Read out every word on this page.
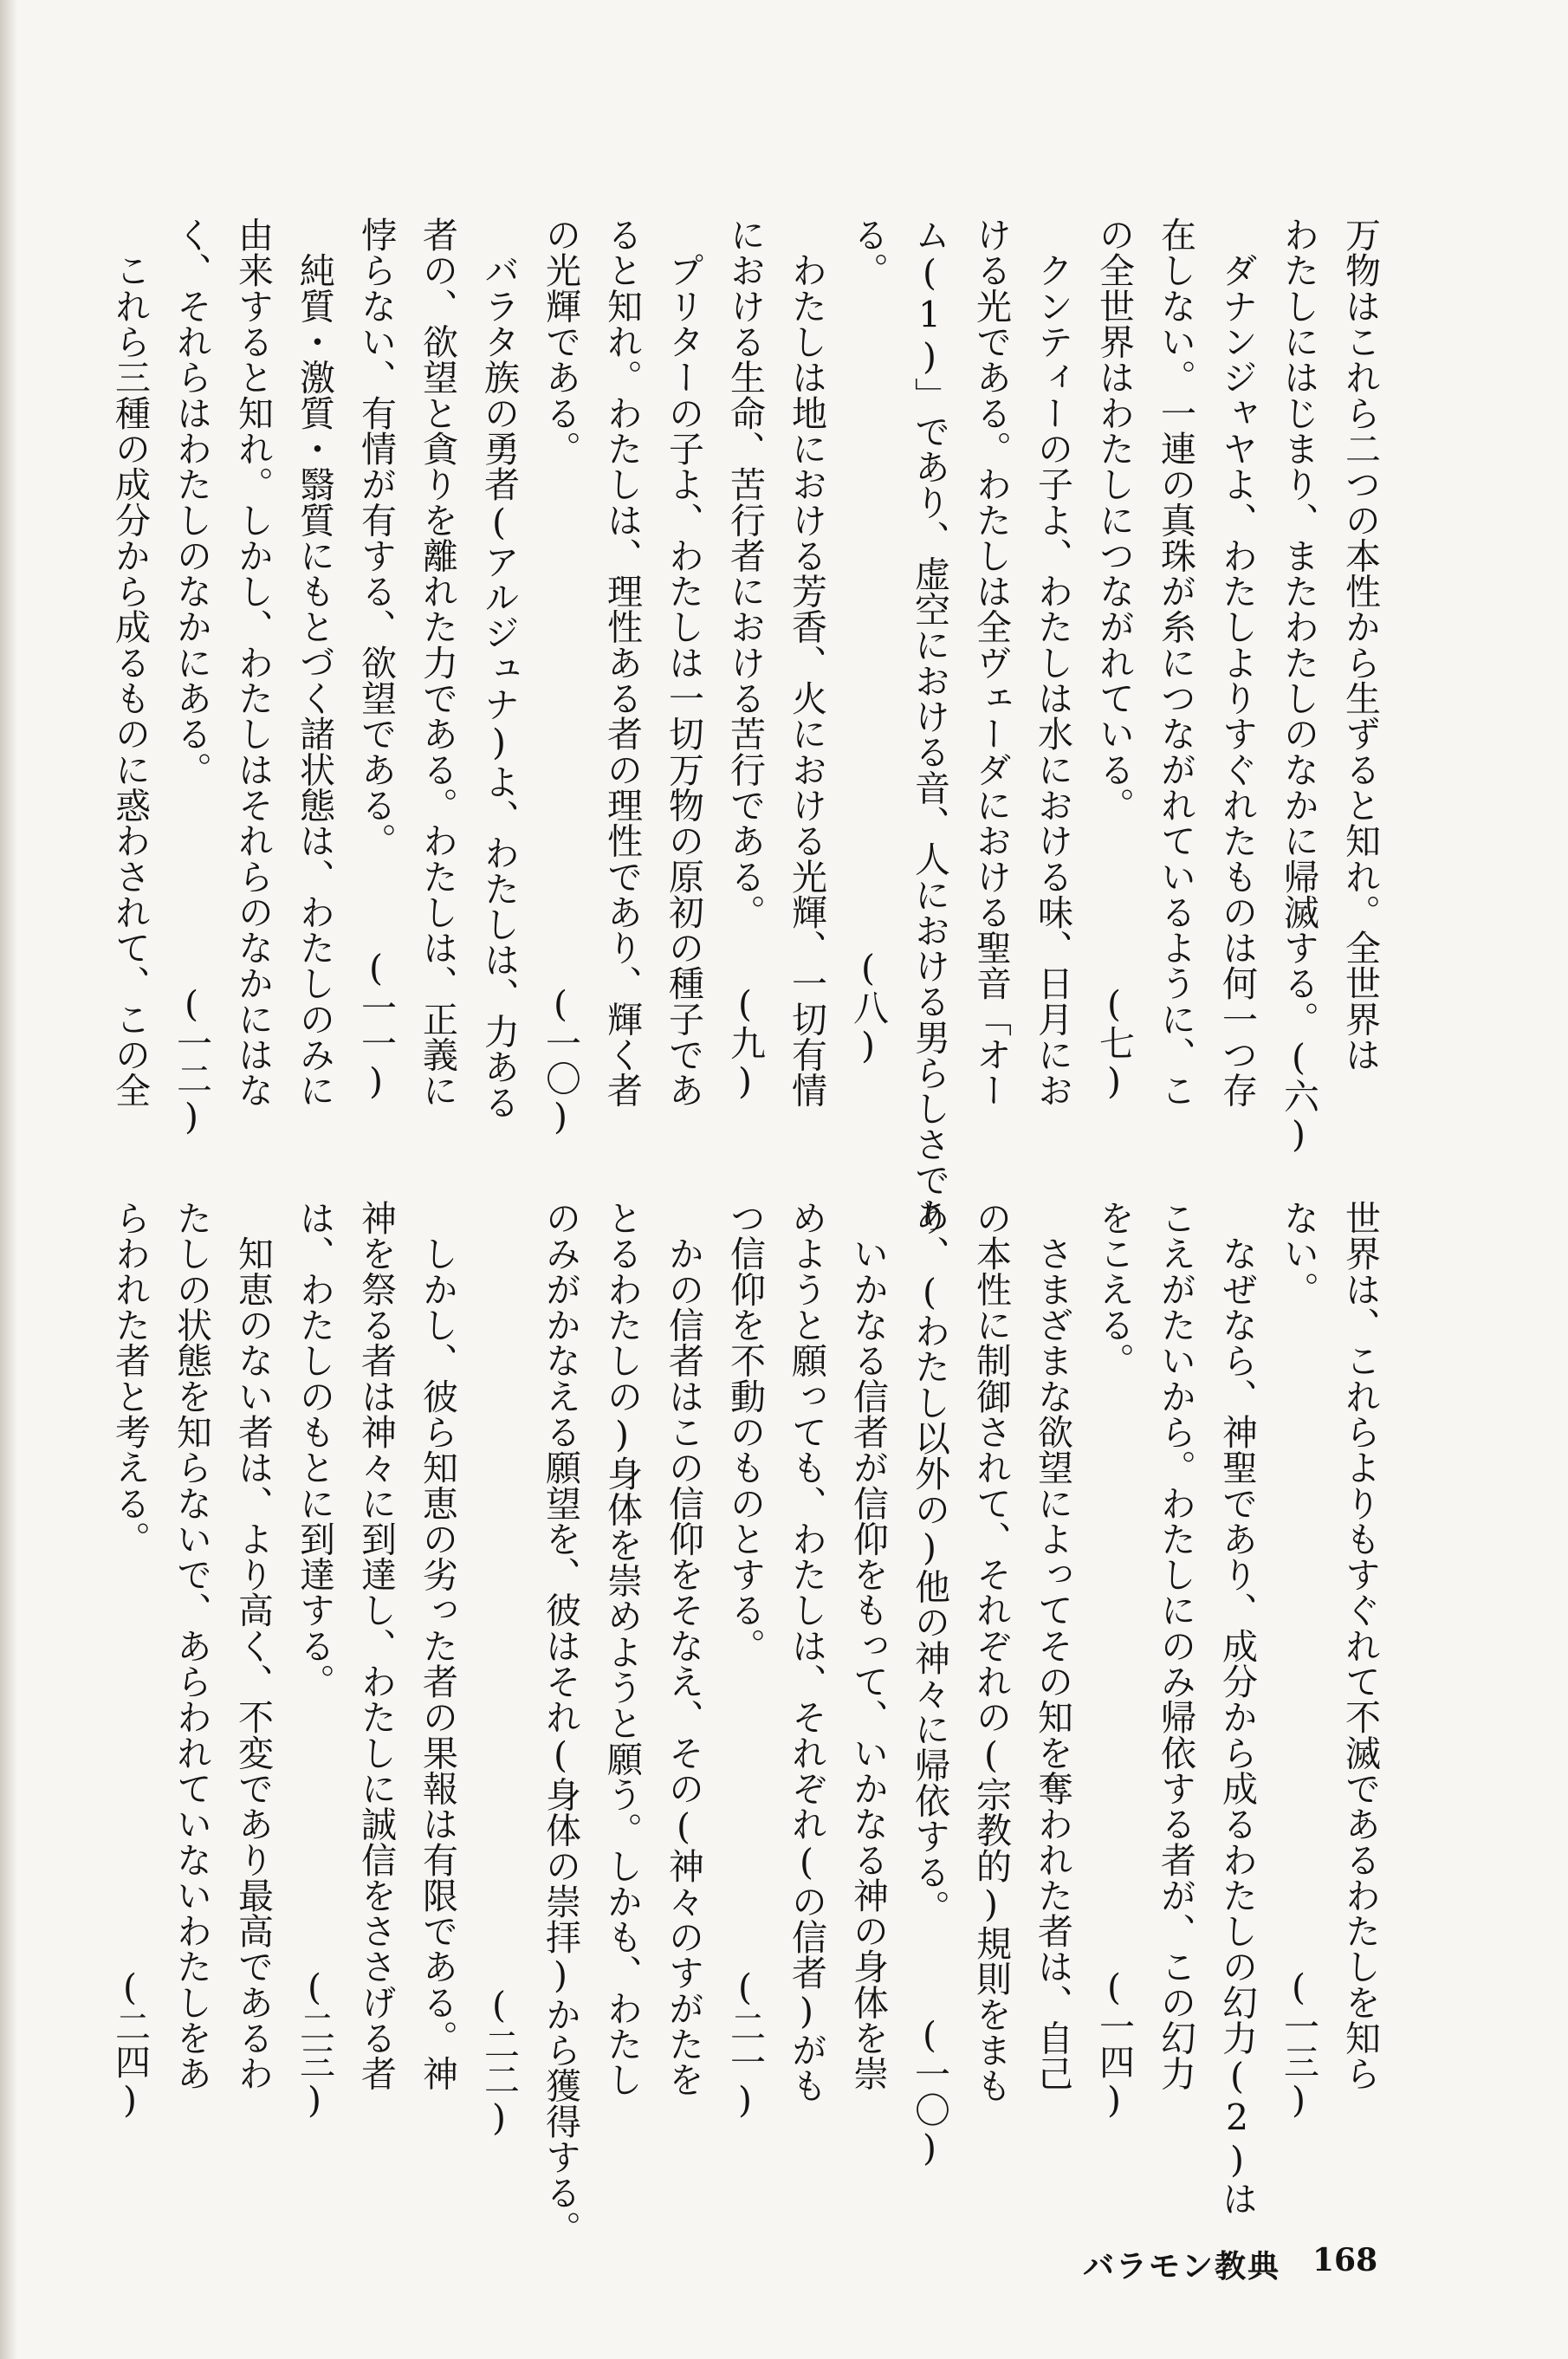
万物はこれら二つの本性から生ずると知れ。全世界は
わたしにはじまり、またわたしのなかに帰滅する。(六)
　ダナンジャヤよ、わたしよりすぐれたものは何一つ存
在しない。一連の真珠が糸につながれているように、こ
の全世界はわたしにつながれている。　　　　　(七)
　クンティーの子よ、わたしは水における味、日月にお
ける光である。わたしは全ヴェーダにおける聖音「オー
ム(1)」であり、虚空における音、人における男らしさであ
る。　　　　　　　　　　　　　　　　　　　(八)
　わたしは地における芳香、火における光輝、一切有情
における生命、苦行者における苦行である。　　(九)
　プリターの子よ、わたしは一切万物の原初の種子であ
ると知れ。わたしは、理性ある者の理性であり、輝く者
の光輝である。　　　　　　　　　　　　　　　(一〇)
　バラタ族の勇者(アルジュナ)よ、わたしは、力ある
者の、欲望と貪りを離れた力である。わたしは、正義に
悖らない、有情が有する、欲望である。　　　(一一)
　純質・激質・翳質にもとづく諸状態は、わたしのみに
由来すると知れ。しかし、わたしはそれらのなかにはな
く、それらはわたしのなかにある。　　　　　　(一二)
　これら三種の成分から成るものに惑わされて、この全
世界は、これらよりもすぐれて不滅であるわたしを知ら
ない。　　　　　　　　　　　　　　　　　　　(一三)
　なぜなら、神聖であり、成分から成るわたしの幻力(2)は
こえがたいから。わたしにのみ帰依する者が、この幻力
をこえる。　　　　　　　　　　　　　　　　　(一四)
　さまざまな欲望によってその知を奪われた者は、自己
の本性に制御されて、それぞれの(宗教的)規則をまも
り、(わたし以外の)他の神々に帰依する。　　　(一〇)
　いかなる信者が信仰をもって、いかなる神の身体を崇
めようと願っても、わたしは、それぞれ(の信者)がも
つ信仰を不動のものとする。　　　　　　　　　(二一)
　かの信者はこの信仰をそなえ、その(神々のすがたを
とるわたしの)身体を崇めようと願う。しかも、わたし
のみがかなえる願望を、彼はそれ(身体の崇拝)から獲得する。
　　　　　　　　　　　　　　　　　　　　　　(二二)
　しかし、彼ら知恵の劣った者の果報は有限である。神
神を祭る者は神々に到達し、わたしに誠信をささげる者
は、わたしのもとに到達する。　　　　　　　　(二三)
　知恵のない者は、より高く、不変であり最高であるわ
たしの状態を知らないで、あらわれていないわたしをあ
らわれた者と考える。　　　　　　　　　　　　(二四)
バラモン教典 168
